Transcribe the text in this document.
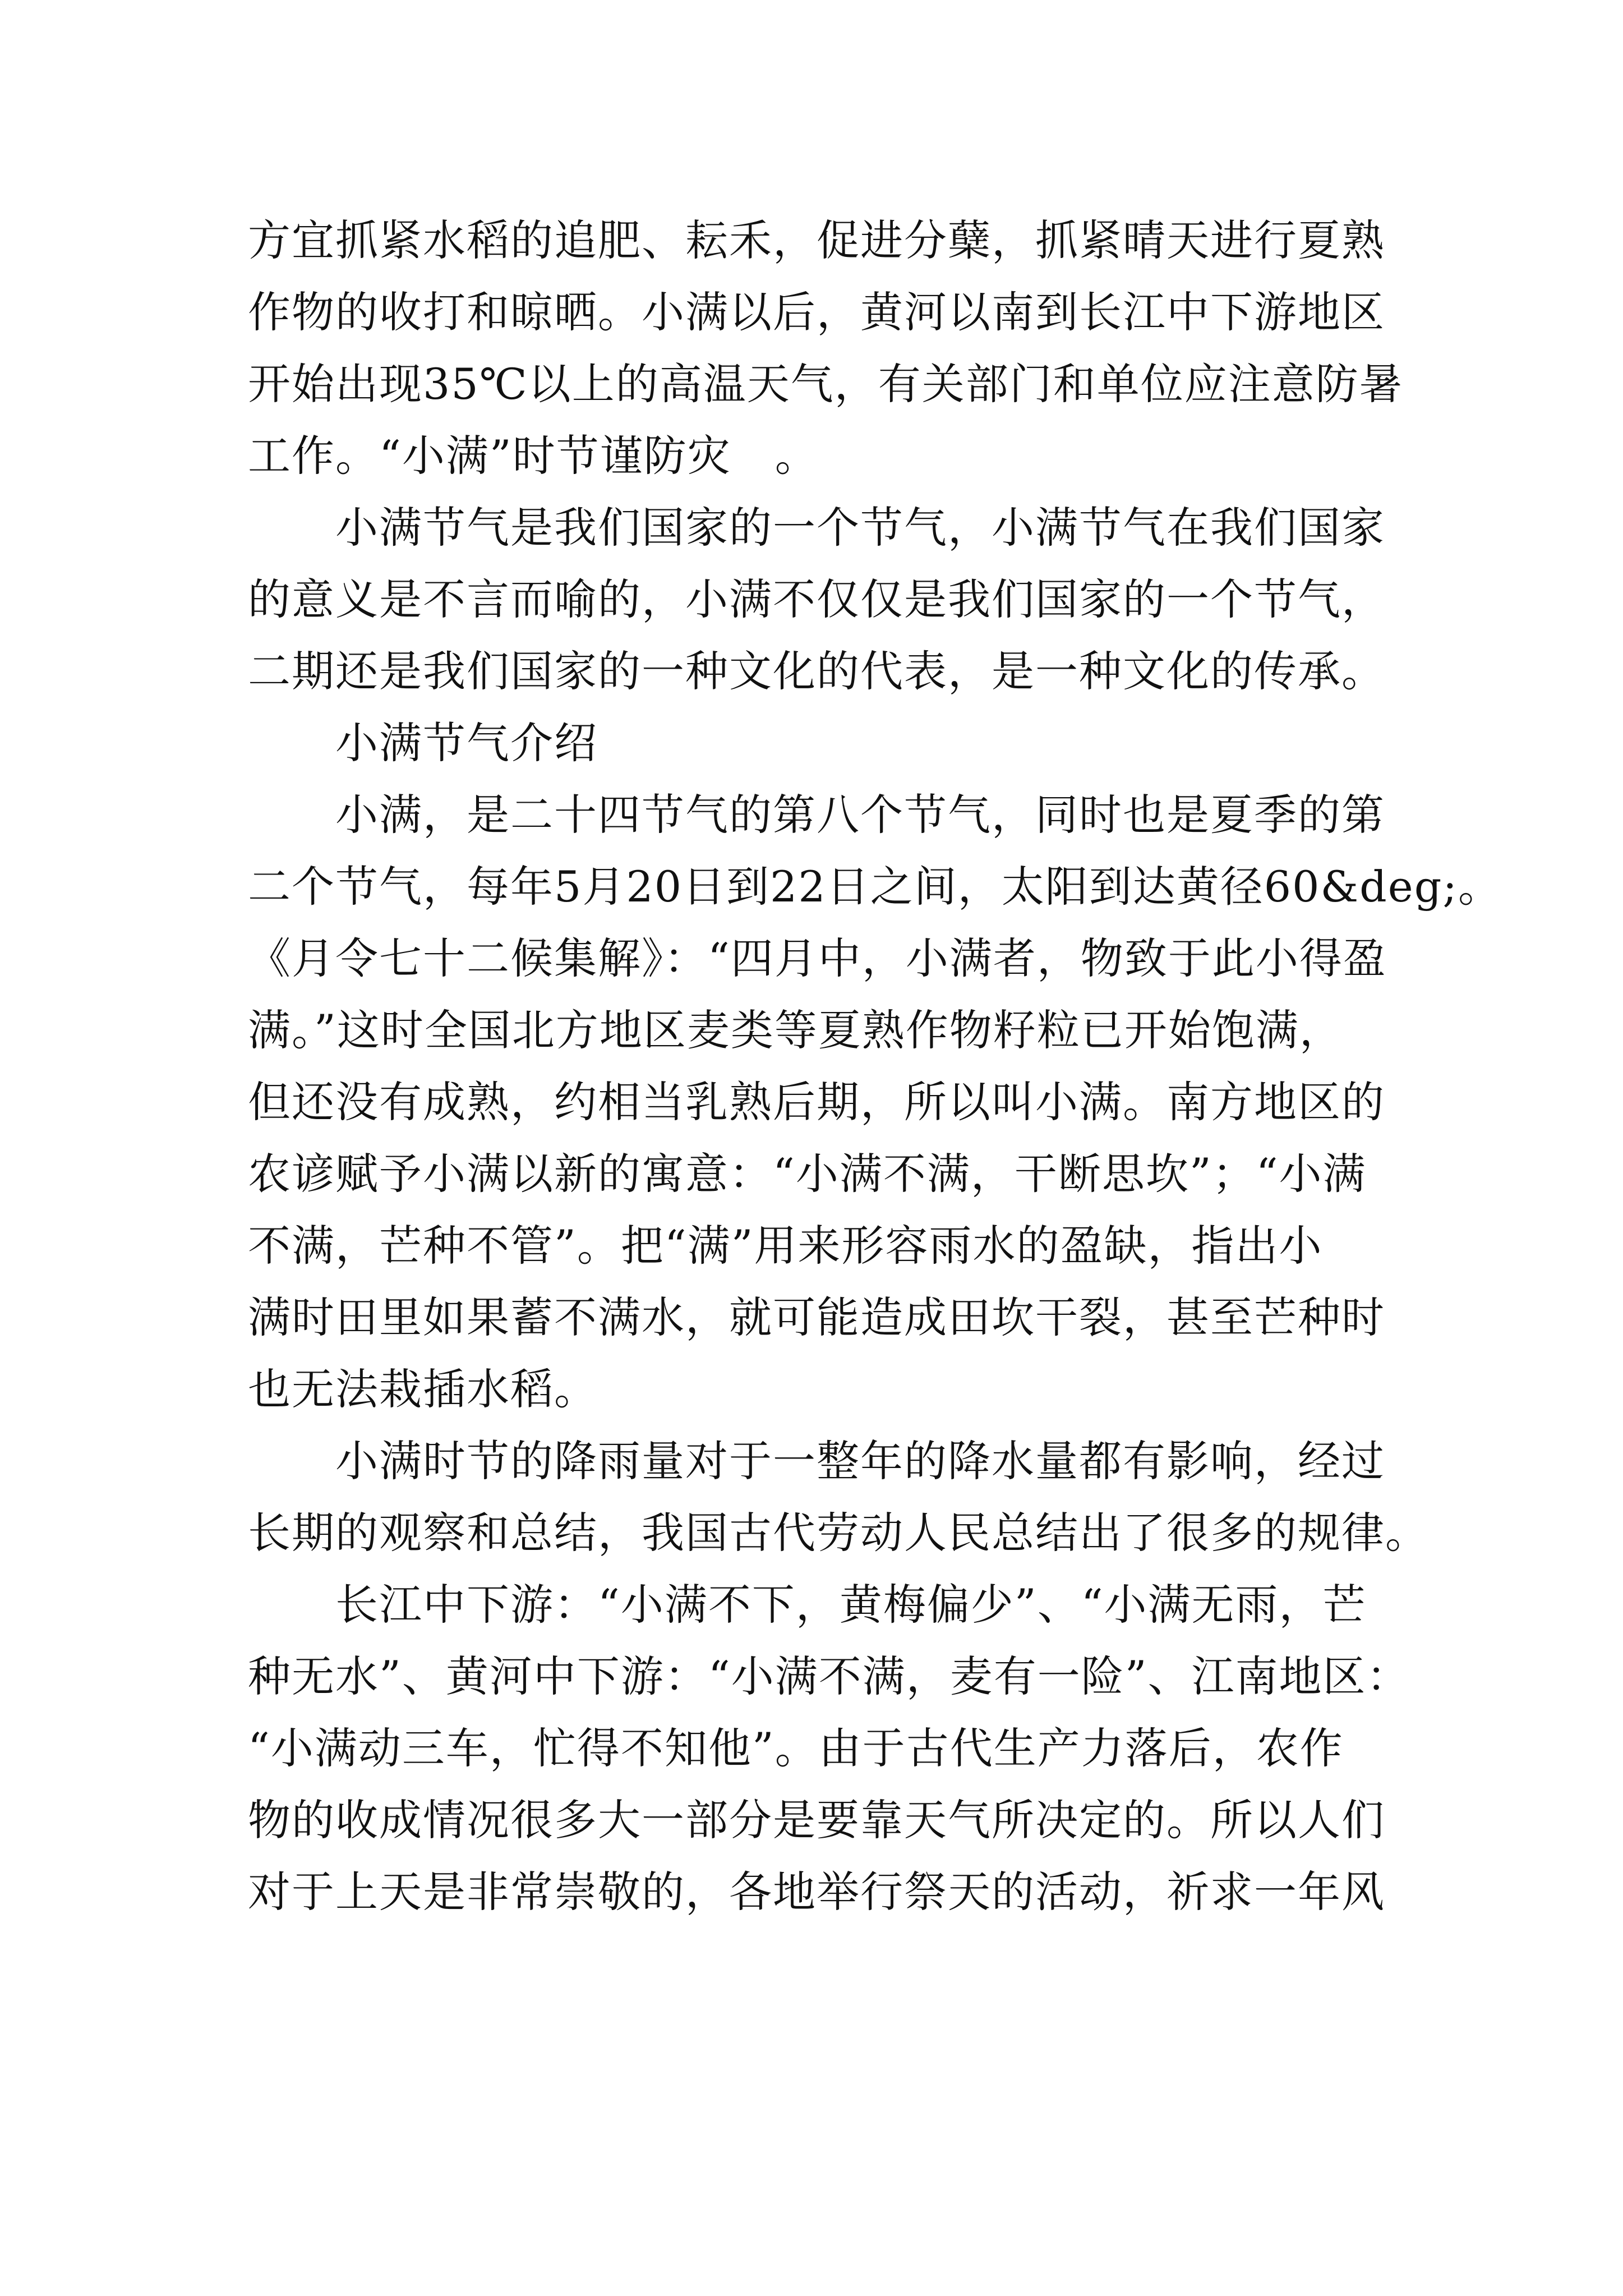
方宜抓紧水稻的追肥、耘禾，促进分蘖，抓紧晴天进行夏熟
作物的收打和晾晒。小满以后，黄河以南到长江中下游地区
开始出现35℃以上的高温天气，有关部门和单位应注意防暑
工作。“小满”时节谨防灾　。
小满节气是我们国家的一个节气，小满节气在我们国家
的意义是不言而喻的，小满不仅仅是我们国家的一个节气，
二期还是我们国家的一种文化的代表，是一种文化的传承。
小满节气介绍
小满，是二十四节气的第八个节气，同时也是夏季的第
二个节气，每年5月20日到22日之间，太阳到达黄径60&deg;。
《月令七十二候集解》：“四月中，小满者，物致于此小得盈
满。”这时全国北方地区麦类等夏熟作物籽粒已开始饱满，
但还没有成熟，约相当乳熟后期，所以叫小满。南方地区的
农谚赋予小满以新的寓意：“小满不满，干断思坎”；“小满
不满，芒种不管”。把“满”用来形容雨水的盈缺，指出小
满时田里如果蓄不满水，就可能造成田坎干裂，甚至芒种时
也无法栽插水稻。
小满时节的降雨量对于一整年的降水量都有影响，经过
长期的观察和总结，我国古代劳动人民总结出了很多的规律。
长江中下游：“小满不下，黄梅偏少”、“小满无雨，芒
种无水”、黄河中下游：“小满不满，麦有一险”、江南地区：
“小满动三车，忙得不知他”。由于古代生产力落后，农作
物的收成情况很多大一部分是要靠天气所决定的。所以人们
对于上天是非常崇敬的，各地举行祭天的活动，祈求一年风
